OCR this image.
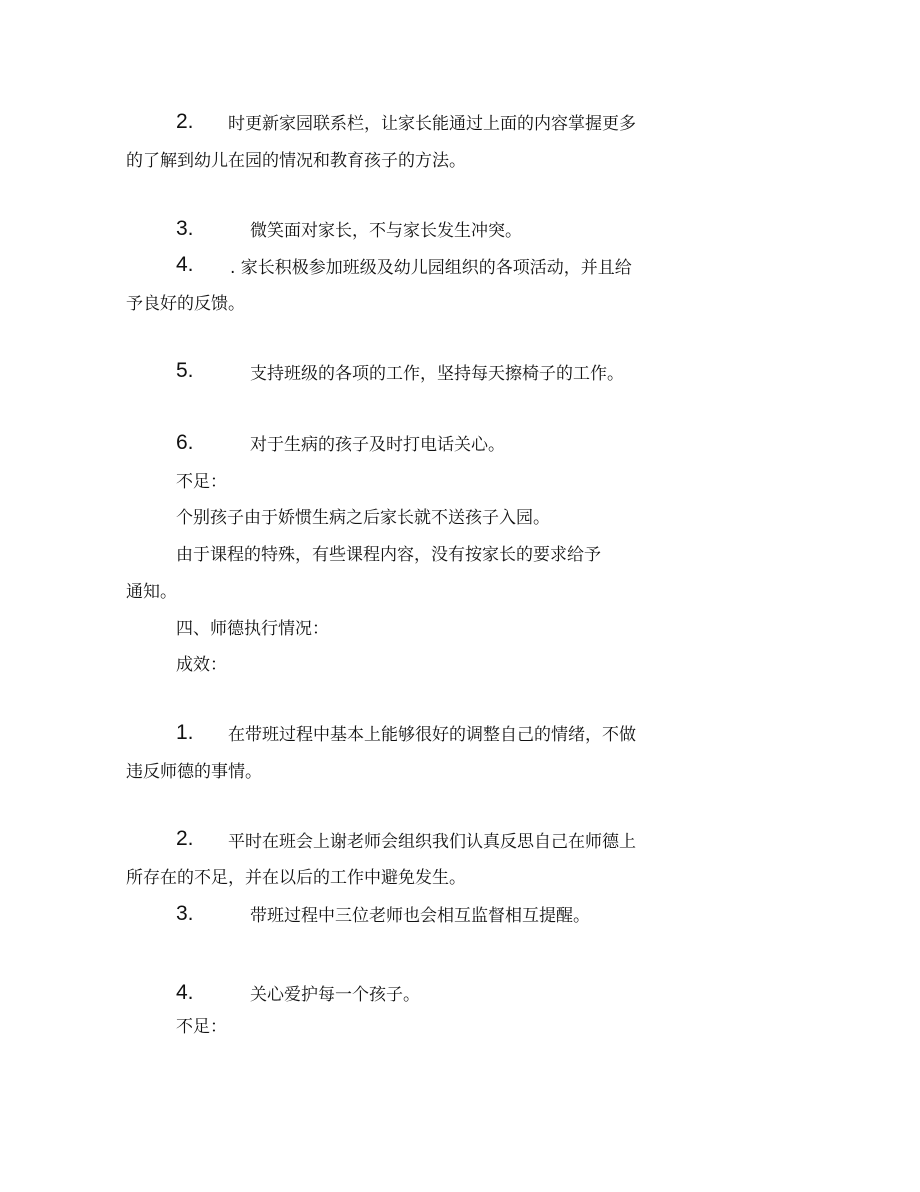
2. 时更新家园联系栏，让家长能通过上面的内容掌握更多
的了解到幼儿在园的情况和教育孩子的方法。
3.	微笑面对家长，不与家长发生冲突。
4. . 家长积极参加班级及幼儿园组织的各项活动，并且给
予良好的反馈。
5.	支持班级的各项的工作，坚持每天擦椅子的工作。
6.	对于生病的孩子及时打电话关心。
不足：
个别孩子由于娇惯生病之后家长就不送孩子入园。
由于课程的特殊，有些课程内容，没有按家长的要求给予
通知。
四、师德执行情况：
成效：
1. 在带班过程中基本上能够很好的调整自己的情绪，不做
违反师德的事情。
2. 平时在班会上谢老师会组织我们认真反思自己在师德上
所存在的不足，并在以后的工作中避免发生。
3.	带班过程中三位老师也会相互监督相互提醒。
4.	关心爱护每一个孩子。
不足：
